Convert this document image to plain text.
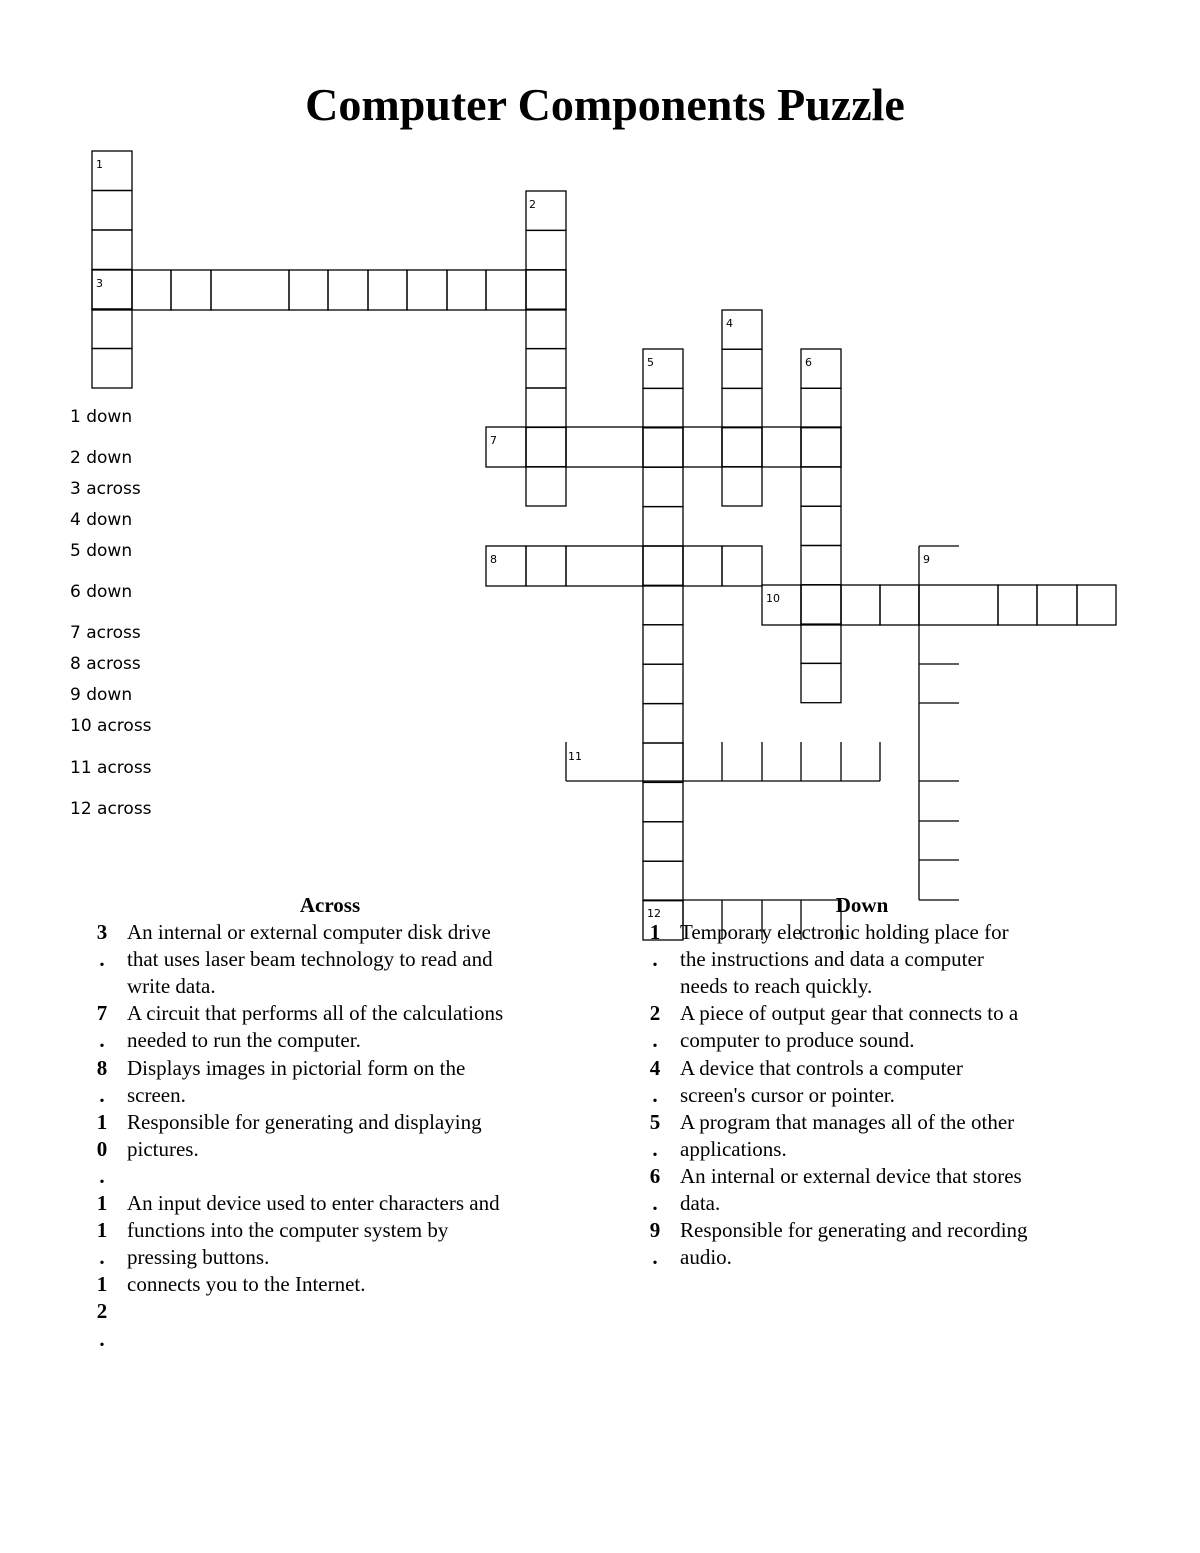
Computer Components Puzzle
1
2
3
4
5	6
7
8	9
10
11
12
1 down
2 down
3 across
4 down
5 down
6 down
7 across
8 across
9 down
10 across
11 across
12 across
Across	Down
3 An internal or external computer disk drive
. that uses laser beam technology to read and
write data.
7 A circuit that performs all of the calculations
. needed to run the computer.
8 Displays images in pictorial form on the
. screen.
1 Responsible for generating and displaying
0 pictures.
.
1 An input device used to enter characters and
1 functions into the computer system by
. pressing buttons.
1 connects you to the Internet.
2
.
1 Temporary electronic holding place for
. the instructions and data a computer
needs to reach quickly.
2 A piece of output gear that connects to a
. computer to produce sound.
4 A device that controls a computer
. screen's cursor or pointer.
5 A program that manages all of the other
. applications.
6 An internal or external device that stores
. data.
9 Responsible for generating and recording
. audio.
